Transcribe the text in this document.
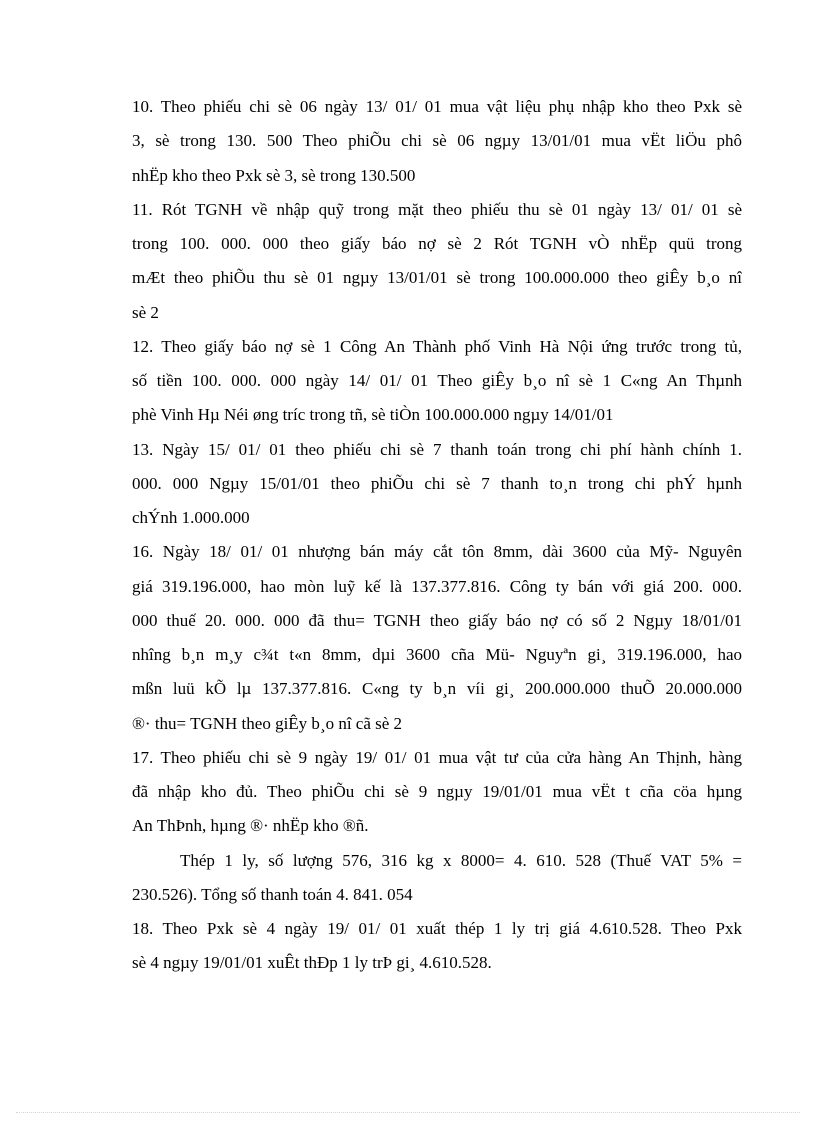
10. Theo phiếu chi sè 06 ngày 13/ 01/ 01 mua vật liệu phụ nhập kho theo Pxk sè
3, sè trong 130. 500 Theo phiÕu chi sè 06 ngµy 13/01/01 mua vËt liÖu phô
nhËp kho theo Pxk sè 3, sè trong 130.500
11. Rót TGNH về nhập quỹ trong mặt theo phiếu thu sè 01 ngày 13/ 01/ 01 sè
trong 100. 000. 000 theo giấy báo nợ sè 2 Rót TGNH vÒ nhËp quü trong
mÆt theo phiÕu thu sè 01 ngµy 13/01/01 sè trong 100.000.000 theo giÊy b¸o nî
sè 2
12. Theo giấy báo nợ sè 1 Công An Thành phố Vinh Hà Nội ứng trước trong tủ,
số tiền 100. 000. 000 ngày 14/ 01/ 01 Theo giÊy b¸o nî sè 1 C«ng An Thµnh
phè Vinh Hµ Néi øng tríc trong tñ, sè tiÒn 100.000.000 ngµy 14/01/01
13. Ngày 15/ 01/ 01 theo phiếu chi sè 7 thanh toán trong chi phí hành chính 1.
000. 000 Ngµy 15/01/01 theo phiÕu chi sè 7 thanh to¸n trong chi phÝ hµnh
chÝnh 1.000.000
16. Ngày 18/ 01/ 01 nhượng bán máy cắt tôn 8mm, dài 3600 của Mỹ- Nguyên
giá 319.196.000, hao mòn luỹ kế là 137.377.816. Công ty bán với giá 200. 000.
000 thuế 20. 000. 000 đã thu= TGNH theo giấy báo nợ có số 2 Ngµy 18/01/01
nhîng b¸n m¸y c¾t t«n 8mm, dµi 3600 cña Mü- Nguyªn gi¸ 319.196.000, hao
mßn luü kÕ lµ 137.377.816. C«ng ty b¸n víi gi¸ 200.000.000 thuÕ 20.000.000
®· thu= TGNH theo giÊy b¸o nî cã sè 2
17. Theo phiếu chi sè 9 ngày 19/ 01/ 01 mua vật tư của cửa hàng An Thịnh, hàng
đã nhập kho đủ. Theo phiÕu chi sè 9 ngµy 19/01/01 mua vËt t cña cöa hµng
An ThÞnh, hµng ®· nhËp kho ®ñ.
Thép 1 ly, số lượng 576, 316 kg x 8000= 4. 610. 528 (Thuế VAT 5% =
230.526). Tổng số thanh toán 4. 841. 054
18. Theo Pxk sè 4 ngày 19/ 01/ 01 xuất thép 1 ly trị giá 4.610.528. Theo Pxk
sè 4 ngµy 19/01/01 xuÊt thÐp 1 ly trÞ gi¸ 4.610.528.
